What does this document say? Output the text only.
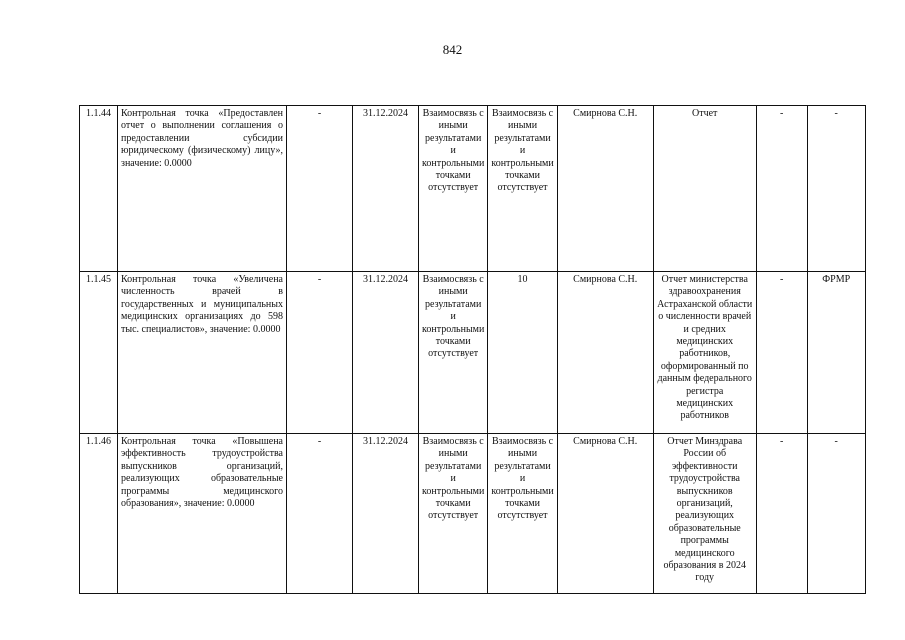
842
1.1.44	Контрольная точка «Предоставлен отчет о выполнении соглашения о предоставлении субсидии юридическому (физическому) лицу», значение: 0.0000	-	31.12.2024	Взаимосвязь с иными результатами и контрольными точками отсутствует	Взаимосвязь с иными результатами и контрольными точками отсутствует	Смирнова С.Н.	Отчет	-	-
1.1.45	Контрольная точка «Увеличена численность врачей в государственных и муниципальных медицинских организациях до 598 тыс. специалистов», значение: 0.0000	-	31.12.2024	Взаимосвязь с иными результатами и контрольными точками отсутствует	10	Смирнова С.Н.	Отчет министерства здравоохранения Астраханской области о численности врачей и средних медицинских работников, оформированный по данным федерального регистра медицинских работников	-	ФРМР
1.1.46	Контрольная точка «Повышена эффективность трудоустройства выпускников организаций, реализующих образовательные программы медицинского образования», значение: 0.0000	-	31.12.2024	Взаимосвязь с иными результатами и контрольными точками отсутствует	Взаимосвязь с иными результатами и контрольными точками отсутствует	Смирнова С.Н.	Отчет Минздрава России об эффективности трудоустройства выпускников организаций, реализующих образовательные программы медицинского образования в 2024 году	-	-
